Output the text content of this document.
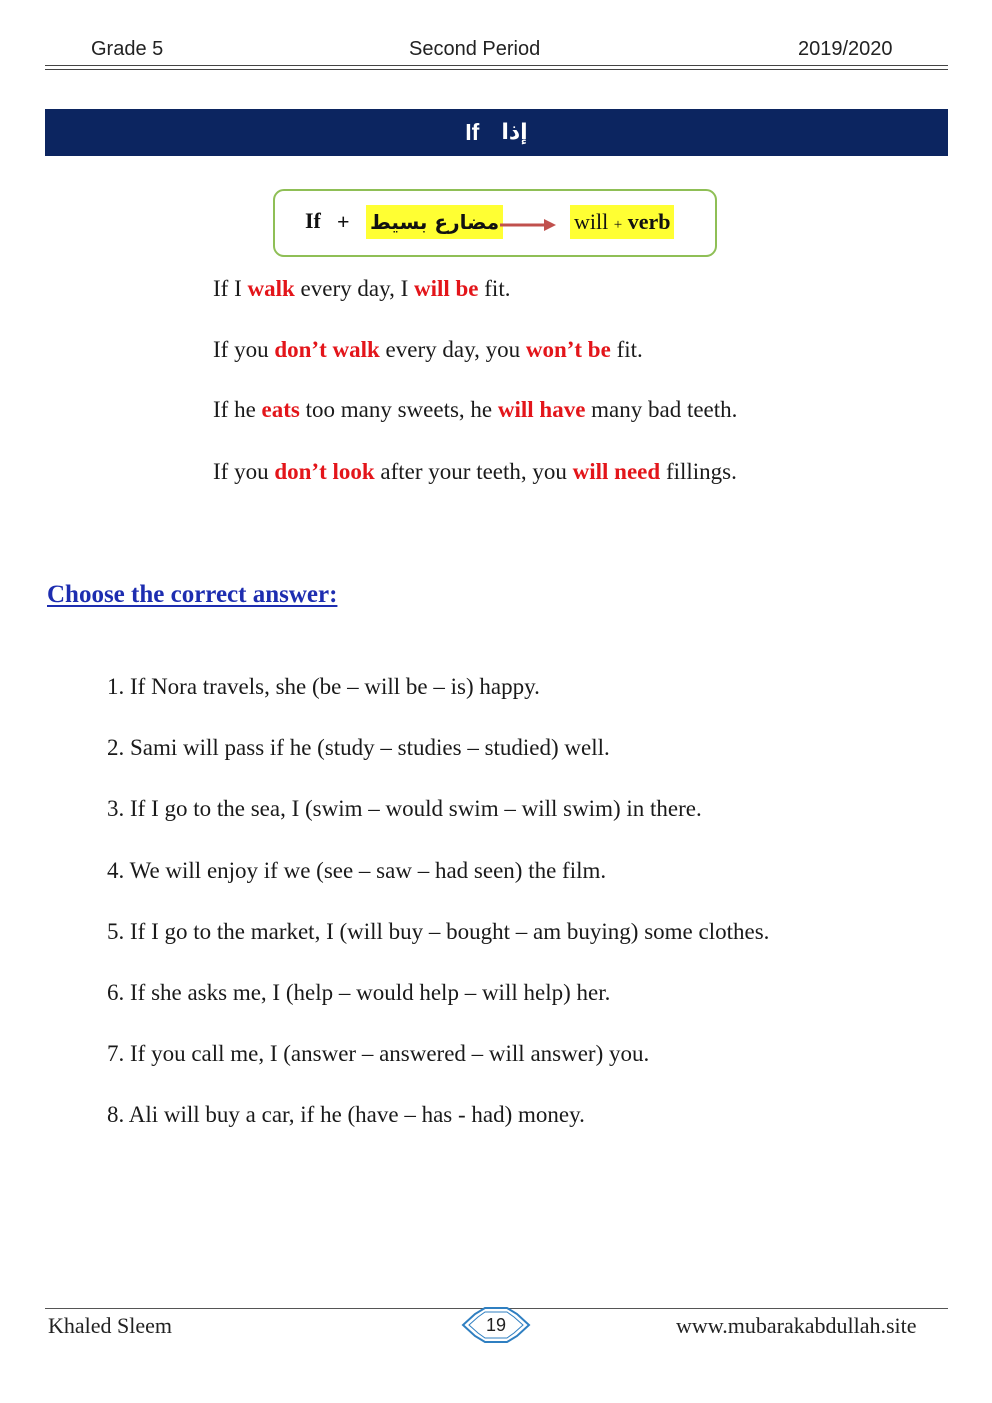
Grade 5	Second Period	2019/2020
If إذا
If + مضارع بسيط	will + verb
If I walk every day, I will be fit.
If you don’t walk every day, you won’t be fit.
If he eats too many sweets, he will have many bad teeth.
If you don’t look after your teeth, you will need fillings.
Choose the correct answer:
1. If Nora travels, she (be – will be – is) happy.
2. Sami will pass if he (study – studies – studied) well.
3. If I go to the sea, I (swim – would swim – will swim) in there.
4. We will enjoy if we (see – saw – had seen) the film.
5. If I go to the market, I (will buy – bought – am buying) some clothes.
6. If she asks me, I (help – would help – will help) her.
7. If you call me, I (answer – answered – will answer) you.
8. Ali will buy a car, if he (have – has - had) money.
Khaled Sleem	19	www.mubarakabdullah.site
